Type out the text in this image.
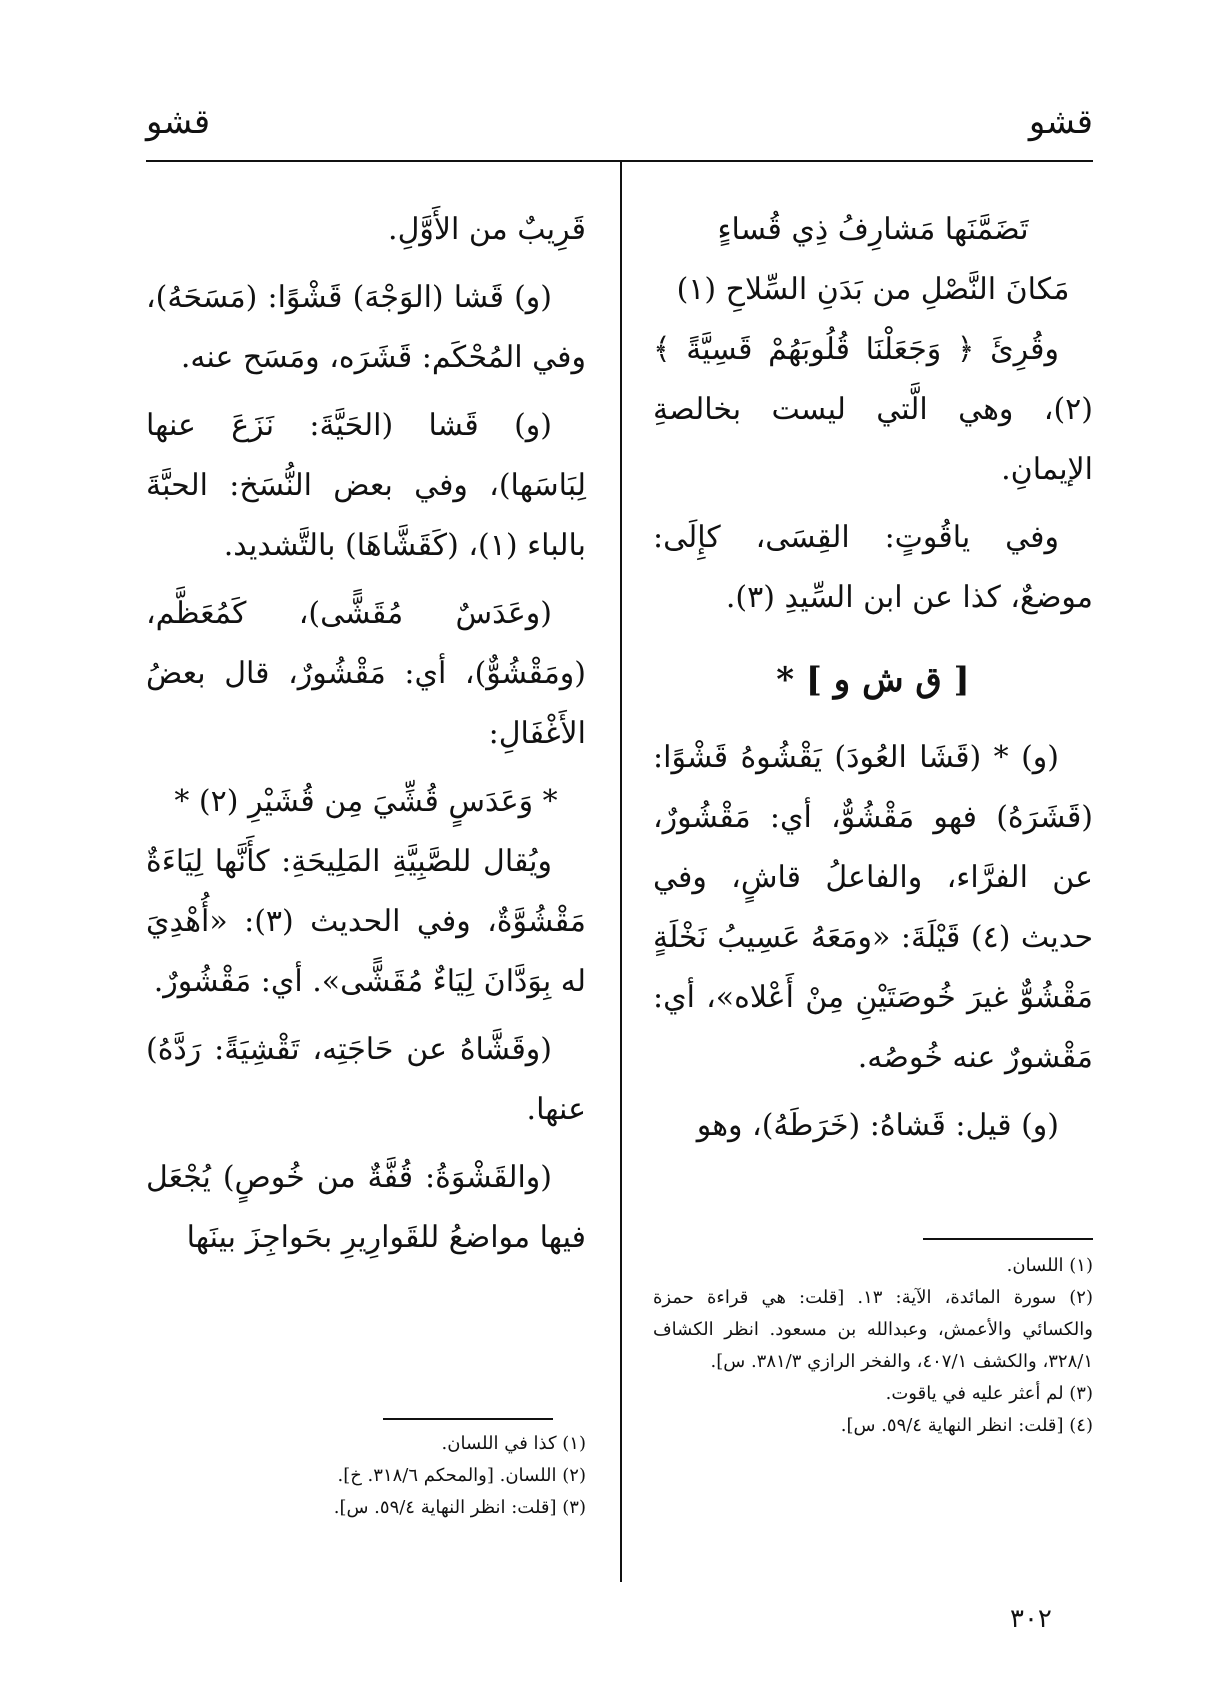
قشو
قشو

تَضَمَّنَها مَشارِفُ ذِي قُساءٍ

مَكانَ النَّصْلِ من بَدَنِ السِّلاحِ (١)

وقُرِئَ ﴿ وَجَعَلْنَا قُلُوبَهُمْ قَسِيَّةً ﴾ (٢)، وهي الَّتي ليست بخالصةِ الإيمانِ.

وفي ياقُوتٍ: القِسَى، كإِلَى: موضعٌ، كذا عن ابن السِّيدِ (٣).

[ ق ش و ] *

(و) * (قَشَا العُودَ) يَقْشُوهُ قَشْوًا: (قَشَرَهُ) فهو مَقْشُوٌّ، أي: مَقْشُورٌ، عن الفرَّاء، والفاعلُ قاشٍ، وفي حديث (٤) قَيْلَةَ: «ومَعَهُ عَسِيبُ نَخْلَةٍ مَقْشُوٌّ غيرَ خُوصَتَيْنِ مِنْ أَعْلاه»، أي: مَقْشورٌ عنه خُوصُه.

(و) قيل: قَشاهُ: (خَرَطَهُ)، وهو

قَرِيبٌ من الأَوَّلِ.

(و) قَشا (الوَجْهَ) قَشْوًا: (مَسَحَهُ)، وفي المُحْكَم: قَشَرَه، ومَسَح عنه.

(و) قَشا (الحَيَّةَ: نَزَعَ عنها لِبَاسَها)، وفي بعض النُّسَخ: الحبَّةَ بالباء (١)، (كَقَشَّاهَا) بالتَّشديد.

(وعَدَسٌ مُقَشًّى)، كَمُعَظَّم، (ومَقْشُوٌّ)، أي: مَقْشُورٌ، قال بعضُ الأَغْفَالِ:

* وَعَدَسٍ قُشِّيَ مِن قُشَيْرِ (٢) *

ويُقال للصَّبِيَّةِ المَلِيحَةِ: كأَنَّها لِيَاءَةٌ مَقْشُوَّةٌ، وفي الحديث (٣): «أُهْدِيَ له بِوَدَّانَ لِيَاءٌ مُقَشًّى». أي: مَقْشُورٌ.

(وقَشَّاهُ عن حَاجَتِه، تَقْشِيَةً: رَدَّهُ) عنها.

(والقَشْوَةُ: قُفَّةٌ من خُوصٍ) يُجْعَل فيها مواضعُ للقَوارِيرِ بحَواجِزَ بينَها

(١) اللسان.

(٢) سورة المائدة، الآية: ١٣. [قلت: هي قراءة حمزة والكسائي والأعمش، وعبدالله بن مسعود. انظر الكشاف ٣٢٨/١، والكشف ٤٠٧/١، والفخر الرازي ٣٨١/٣. س].

(٣) لم أعثر عليه في ياقوت.

(٤) [قلت: انظر النهاية ٥٩/٤. س].

(١) كذا في اللسان.

(٢) اللسان. [والمحكم ٣١٨/٦. خ].

(٣) [قلت: انظر النهاية ٥٩/٤. س].

٣٠٢
